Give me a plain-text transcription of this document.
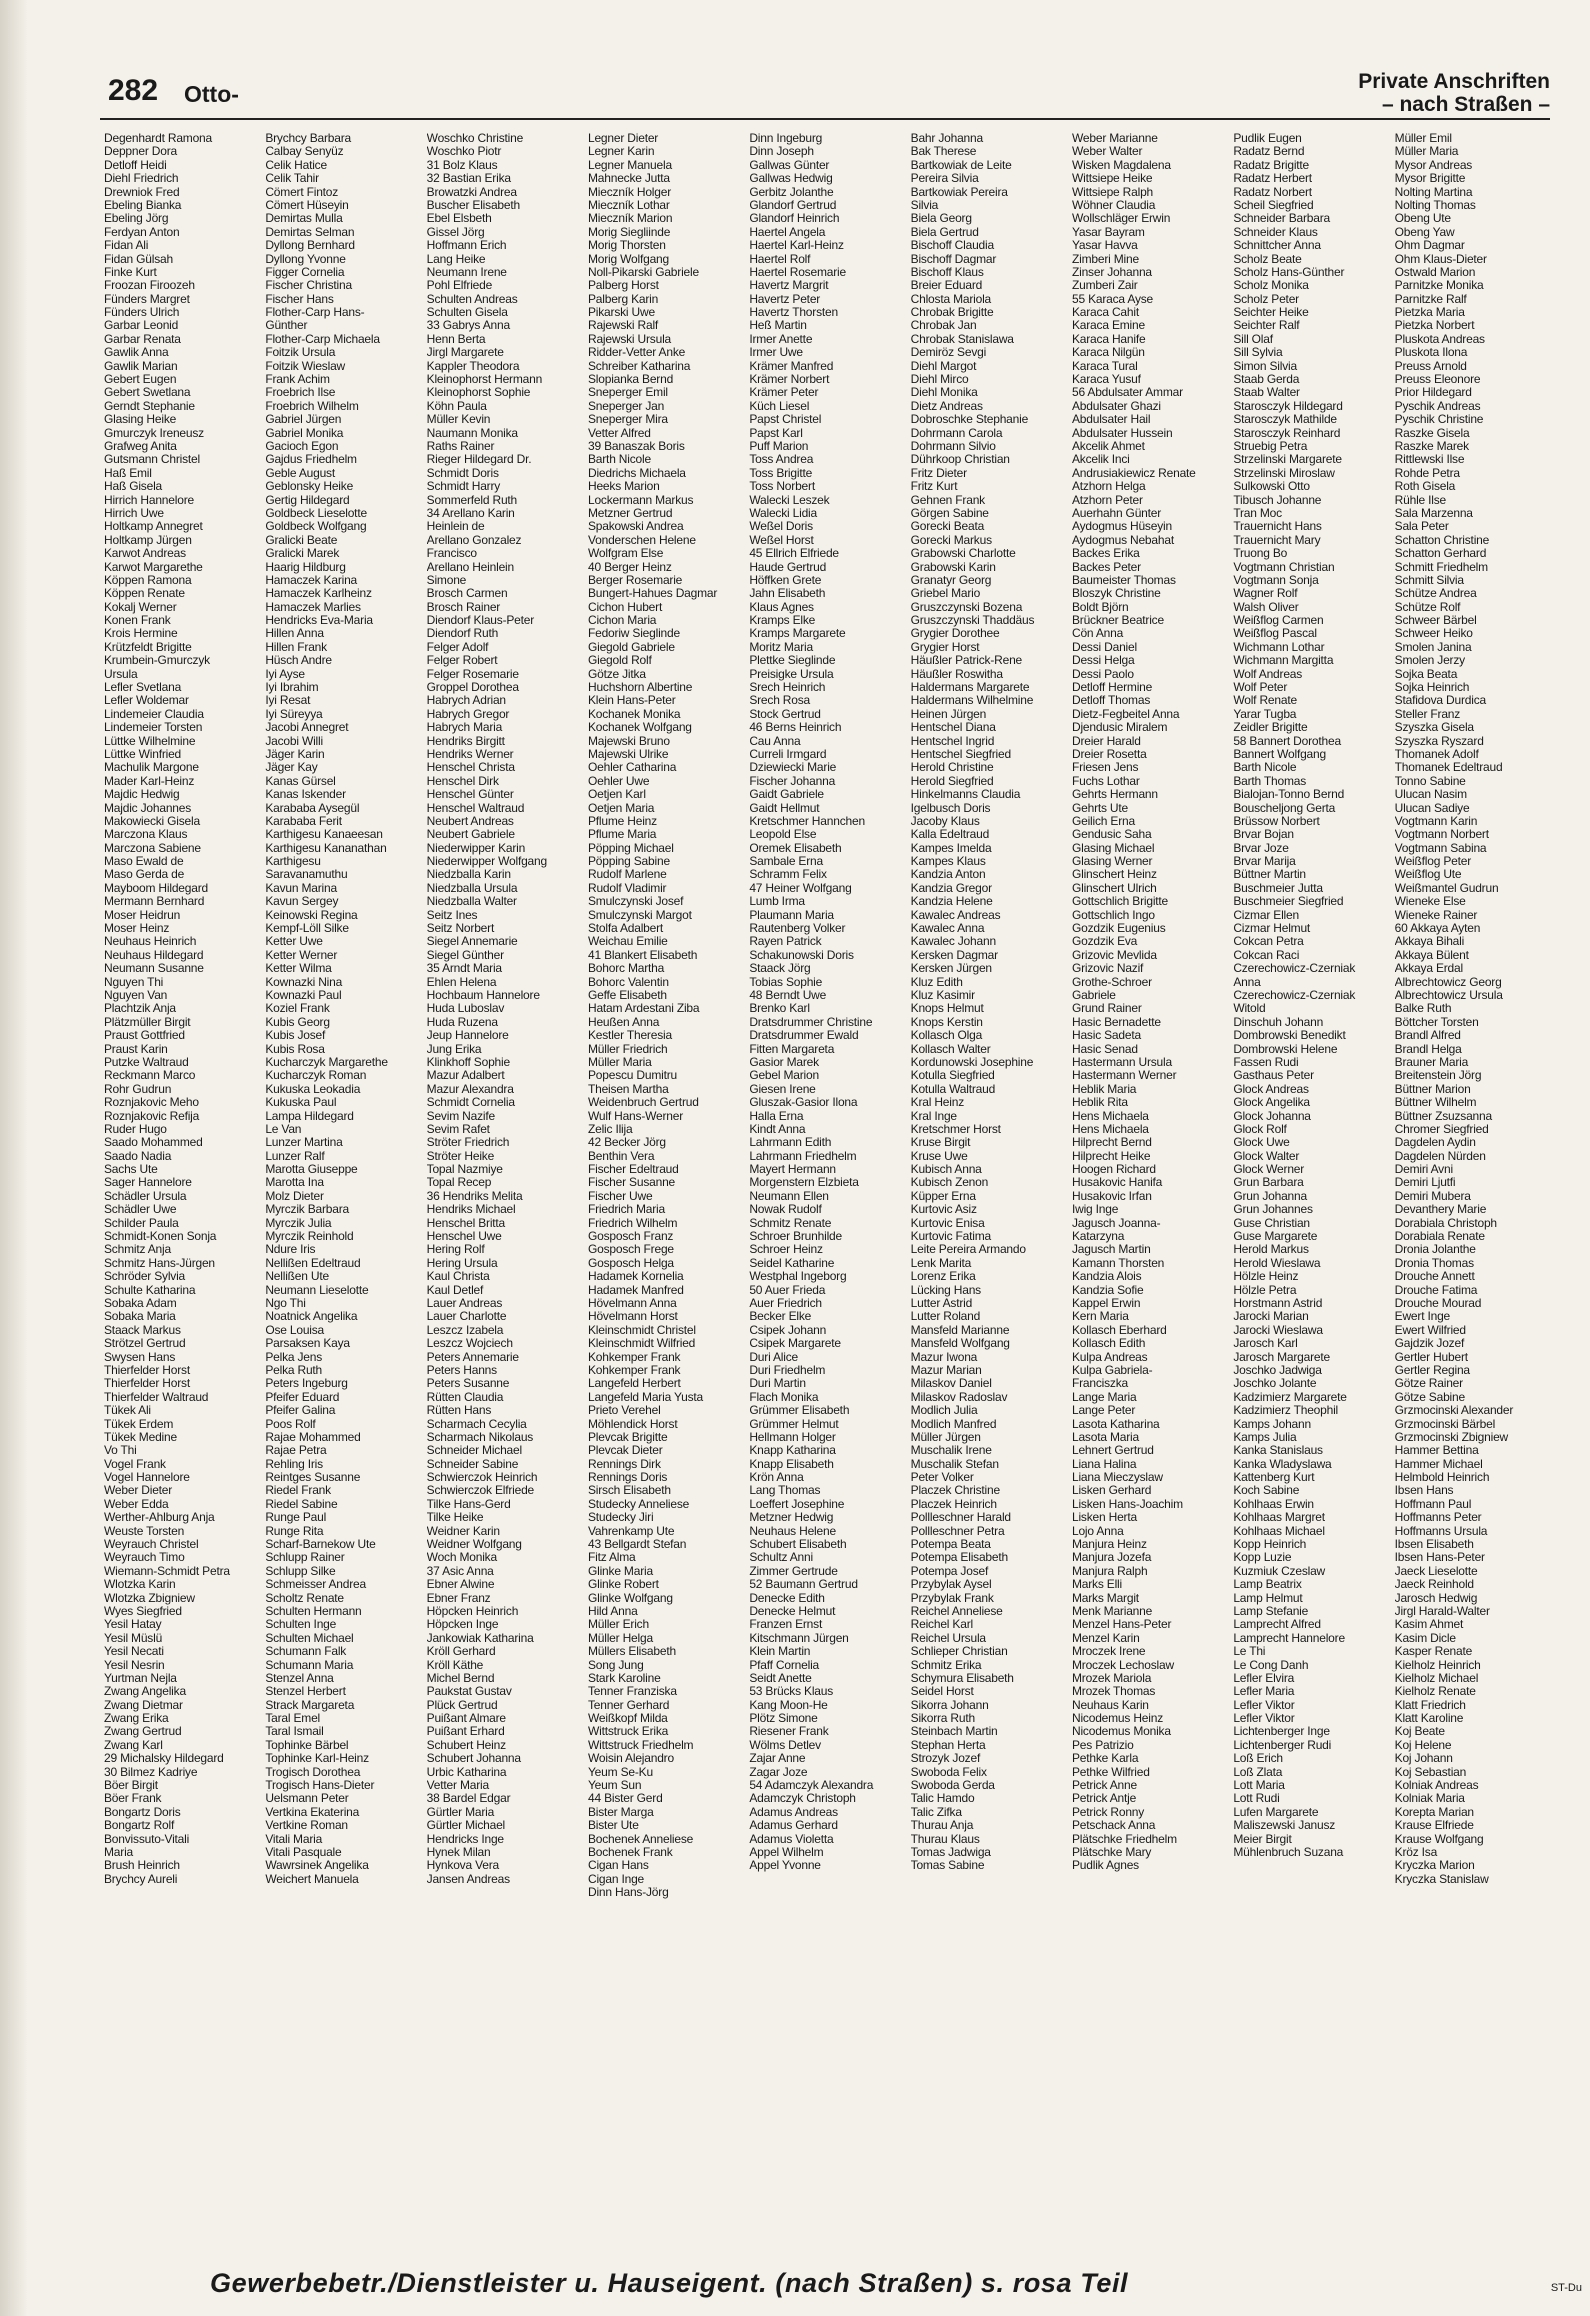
282 Otto-	Private Anschriften
– nach Straßen –
Degenhardt Ramona
Deppner Dora
Detloff Heidi
Diehl Friedrich
Drewniok Fred
Ebeling Bianka
Ebeling Jörg
Ferdyan Anton
Fidan Ali
Fidan Gülsah
Finke Kurt
Froozan Firoozeh
Fünders Margret
Fünders Ulrich
Garbar Leonid
Garbar Renata
Gawlik Anna
Gawlik Marian
Gebert Eugen
Gebert Swetlana
Gerndt Stephanie
Glasing Heike
Gmurczyk Ireneusz
Grafweg Anita
Gutsmann Christel
Haß Emil
Haß Gisela
Hirrich Hannelore
Hirrich Uwe
Holtkamp Annegret
Holtkamp Jürgen
Karwot Andreas
Karwot Margarethe
Köppen Ramona
Köppen Renate
Kokalj Werner
Konen Frank
Krois Hermine
Krützfeldt Brigitte
Krumbein-Gmurczyk
Ursula
Lefler Svetlana
Lefler Woldemar
Lindemeier Claudia
Lindemeier Torsten
Lüttke Wilhelmine
Lüttke Winfried
Machulik Margone
Mader Karl-Heinz
Majdic Hedwig
Majdic Johannes
Makowiecki Gisela
Marczona Klaus
Marczona Sabiene
Maso Ewald de
Maso Gerda de
Mayboom Hildegard
Mermann Bernhard
Moser Heidrun
Moser Heinz
Neuhaus Heinrich
Neuhaus Hildegard
Neumann Susanne
Nguyen Thi
Nguyen Van
Plachtzik Anja
Plätzmüller Birgit
Praust Gottfried
Praust Karin
Putzke Waltraud
Reckmann Marco
Rohr Gudrun
Roznjakovic Meho
Roznjakovic Refija
Ruder Hugo
Saado Mohammed
Saado Nadia
Sachs Ute
Sager Hannelore
Schädler Ursula
Schädler Uwe
Schilder Paula
Schmidt-Konen Sonja
Schmitz Anja
Schmitz Hans-Jürgen
Schröder Sylvia
Schulte Katharina
Sobaka Adam
Sobaka Maria
Staack Markus
Strötzel Gertrud
Swysen Hans
Thierfelder Horst
Thierfelder Horst
Thierfelder Waltraud
Tükek Ali
Tükek Erdem
Tükek Medine
Vo Thi
Vogel Frank
Vogel Hannelore
Weber Dieter
Weber Edda
Werther-Ahlburg Anja
Weuste Torsten
Weyrauch Christel
Weyrauch Timo
Wiemann-Schmidt Petra
Wlotzka Karin
Wlotzka Zbigniew
Wyes Siegfried
Yesil Hatay
Yesil Müslü
Yesil Necati
Yesil Nesrin
Yurtman Nejla
Zwang Angelika
Zwang Dietmar
Zwang Erika
Zwang Gertrud
Zwang Karl
29 Michalsky Hildegard
30 Bilmez Kadriye
Böer Birgit
Böer Frank
Bongartz Doris
Bongartz Rolf
Bonvissuto-Vitali
Maria
Brush Heinrich
Brychcy Aureli
Brychcy Barbara
Calbay Senyüz
Celik Hatice
Celik Tahir
Cömert Fintoz
Cömert Hüseyin
Demirtas Mulla
Demirtas Selman
Dyllong Bernhard
Dyllong Yvonne
Figger Cornelia
Fischer Christina
Fischer Hans
Flother-Carp Hans-
Günther
Flother-Carp Michaela
Foitzik Ursula
Foitzik Wieslaw
Frank Achim
Froebrich Ilse
Froebrich Wilhelm
Gabriel Jürgen
Gabriel Monika
Gacioch Egon
Gajdus Friedhelm
Geble August
Geblonsky Heike
Gertig Hildegard
Goldbeck Lieselotte
Goldbeck Wolfgang
Gralicki Beate
Gralicki Marek
Haarig Hildburg
Hamaczek Karina
Hamaczek Karlheinz
Hamaczek Marlies
Hendricks Eva-Maria
Hillen Anna
Hillen Frank
Hüsch Andre
Iyi Ayse
Iyi Ibrahim
Iyi Resat
Iyi Süreyya
Jacobi Annegret
Jacobi Willi
Jäger Karin
Jäger Kay
Kanas Gürsel
Kanas Iskender
Karababa Aysegül
Karababa Ferit
Karthigesu Kanaeesan
Karthigesu Kananathan
Karthigesu
Saravanamuthu
Kavun Marina
Kavun Sergey
Keinowski Regina
Kempf-Löll Silke
Ketter Uwe
Ketter Werner
Ketter Wilma
Kownazki Nina
Kownazki Paul
Koziel Frank
Kubis Georg
Kubis Josef
Kubis Rosa
Kucharczyk Margarethe
Kucharczyk Roman
Kukuska Leokadia
Kukuska Paul
Lampa Hildegard
Le Van
Lunzer Martina
Lunzer Ralf
Marotta Giuseppe
Marotta Ina
Molz Dieter
Myrczik Barbara
Myrczik Julia
Myrczik Reinhold
Ndure Iris
Nellißen Edeltraud
Nellißen Ute
Neumann Lieselotte
Ngo Thi
Noatnick Angelika
Ose Louisa
Parsaksen Kaya
Pelka Jens
Pelka Ruth
Peters Ingeburg
Pfeifer Eduard
Pfeifer Galina
Poos Rolf
Rajae Mohammed
Rajae Petra
Rehling Iris
Reintges Susanne
Riedel Frank
Riedel Sabine
Runge Paul
Runge Rita
Scharf-Barnekow Ute
Schlupp Rainer
Schlupp Silke
Schmeisser Andrea
Scholtz Renate
Schulten Hermann
Schulten Inge
Schulten Michael
Schumann Falk
Schumann Maria
Stenzel Anna
Stenzel Herbert
Strack Margareta
Taral Emel
Taral Ismail
Tophinke Bärbel
Tophinke Karl-Heinz
Trogisch Dorothea
Trogisch Hans-Dieter
Uelsmann Peter
Vertkina Ekaterina
Vertkine Roman
Vitali Maria
Vitali Pasquale
Wawrsinek Angelika
Weichert Manuela
Woschko Christine
Woschko Piotr
31 Bolz Klaus
32 Bastian Erika
Browatzki Andrea
Buscher Elisabeth
Ebel Elsbeth
Gissel Jörg
Hoffmann Erich
Lang Heike
Neumann Irene
Pohl Elfriede
Schulten Andreas
Schulten Gisela
33 Gabrys Anna
Henn Berta
Jirgl Margarete
Kappler Theodora
Kleinophorst Hermann
Kleinophorst Sophie
Köhn Paula
Müller Kevin
Naumann Monika
Raths Rainer
Rieger Hildegard Dr.
Schmidt Doris
Schmidt Harry
Sommerfeld Ruth
34 Arellano Karin
Heinlein de
Arellano Gonzalez
Francisco
Arellano Heinlein
Simone
Brosch Carmen
Brosch Rainer
Diendorf Klaus-Peter
Diendorf Ruth
Felger Adolf
Felger Robert
Felger Rosemarie
Groppel Dorothea
Habrych Adrian
Habrych Gregor
Habrych Maria
Hendriks Birgitt
Hendriks Werner
Henschel Christa
Henschel Dirk
Henschel Günter
Henschel Waltraud
Neubert Andreas
Neubert Gabriele
Niederwipper Karin
Niederwipper Wolfgang
Niedzballa Karin
Niedzballa Ursula
Niedzballa Walter
Seitz Ines
Seitz Norbert
Siegel Annemarie
Siegel Günther
35 Arndt Maria
Ehlen Helena
Hochbaum Hannelore
Huda Luboslav
Huda Ruzena
Jeup Hannelore
Jung Erika
Klinkhoff Sophie
Mazur Adalbert
Mazur Alexandra
Schmidt Cornelia
Sevim Nazife
Sevim Rafet
Ströter Friedrich
Ströter Heike
Topal Nazmiye
Topal Recep
36 Hendriks Melita
Hendriks Michael
Henschel Britta
Henschel Uwe
Hering Rolf
Hering Ursula
Kaul Christa
Kaul Detlef
Lauer Andreas
Lauer Charlotte
Leszcz Izabela
Leszcz Wojciech
Peters Annemarie
Peters Hanns
Peters Susanne
Rütten Claudia
Rütten Hans
Scharmach Cecylia
Scharmach Nikolaus
Schneider Michael
Schneider Sabine
Schwierczok Heinrich
Schwierczok Elfriede
Tilke Hans-Gerd
Tilke Heike
Weidner Karin
Weidner Wolfgang
Woch Monika
37 Asic Anna
Ebner Alwine
Ebner Franz
Höpcken Heinrich
Höpcken Inge
Jankowiak Katharina
Kröll Gerhard
Kröll Käthe
Michel Bernd
Paukstat Gustav
Plück Gertrud
Puißant Almare
Puißant Erhard
Schubert Heinz
Schubert Johanna
Urbic Katharina
Vetter Maria
38 Bardel Edgar
Gürtler Maria
Gürtler Michael
Hendricks Inge
Hynek Milan
Hynkova Vera
Jansen Andreas
Legner Dieter
Legner Karin
Legner Manuela
Mahnecke Jutta
Mieczník Holger
Mieczník Lothar
Mieczník Marion
Morig Siegliinde
Morig Thorsten
Morig Wolfgang
Noll-Pikarski Gabriele
Palberg Horst
Palberg Karin
Pikarski Uwe
Rajewski Ralf
Rajewski Ursula
Ridder-Vetter Anke
Schreiber Katharina
Slopianka Bernd
Sneperger Emil
Sneperger Jan
Sneperger Mira
Vetter Alfred
39 Banaszak Boris
Barth Nicole
Diedrichs Michaela
Heeks Marion
Lockermann Markus
Metzner Gertrud
Spakowski Andrea
Vonderschen Helene
Wolfgram Else
40 Berger Heinz
Berger Rosemarie
Bungert-Hahues Dagmar
Cichon Hubert
Cichon Maria
Fedoriw Sieglinde
Giegold Gabriele
Giegold Rolf
Götze Jitka
Huchshorn Albertine
Klein Hans-Peter
Kochanek Monika
Kochanek Wolfgang
Majewski Bruno
Majewski Ulrike
Oehler Catharina
Oehler Uwe
Oetjen Karl
Oetjen Maria
Pflume Heinz
Pflume Maria
Pöpping Michael
Pöpping Sabine
Rudolf Marlene
Rudolf Vladimir
Smulczynski Josef
Smulczynski Margot
Stolfa Adalbert
Weichau Emilie
41 Blankert Elisabeth
Bohorc Martha
Bohorc Valentin
Geffe Elisabeth
Hatam Ardestani Ziba
Heußen Anna
Kestler Theresia
Müller Friedrich
Müller Maria
Popescu Dumitru
Theisen Martha
Weidenbruch Gertrud
Wulf Hans-Werner
Zelic Ilija
42 Becker Jörg
Benthin Vera
Fischer Edeltraud
Fischer Susanne
Fischer Uwe
Friedrich Maria
Friedrich Wilhelm
Gosposch Franz
Gosposch Frege
Gosposch Helga
Hadamek Kornelia
Hadamek Manfred
Hövelmann Anna
Hövelmann Horst
Kleinschmidt Christel
Kleinschmidt Wilfried
Kohkemper Frank
Kohkemper Frank
Langefeld Herbert
Langefeld Maria Yusta
Prieto Verehel
Möhlendick Horst
Plevcak Brigitte
Plevcak Dieter
Rennings Dirk
Rennings Doris
Sirsch Elisabeth
Studecky Anneliese
Studecky Jiri
Vahrenkamp Ute
43 Bellgardt Stefan
Fitz Alma
Glinke Maria
Glinke Robert
Glinke Wolfgang
Hild Anna
Müller Erich
Müller Helga
Müllers Elisabeth
Song Jung
Stark Karoline
Tenner Franziska
Tenner Gerhard
Weißkopf Milda
Wittstruck Erika
Wittstruck Friedhelm
Woisin Alejandro
Yeum Se-Ku
Yeum Sun
44 Bister Gerd
Bister Marga
Bister Ute
Bochenek Anneliese
Bochenek Frank
Cigan Hans
Cigan Inge
Dinn Hans-Jörg
Dinn Ingeburg
Dinn Joseph
Gallwas Günter
Gallwas Hedwig
Gerbitz Jolanthe
Glandorf Gertrud
Glandorf Heinrich
Haertel Angela
Haertel Karl-Heinz
Haertel Rolf
Haertel Rosemarie
Havertz Margrit
Havertz Peter
Havertz Thorsten
Heß Martin
Irmer Anette
Irmer Uwe
Krämer Manfred
Krämer Norbert
Krämer Peter
Küch Liesel
Papst Christel
Papst Karl
Puff Marion
Toss Andrea
Toss Brigitte
Toss Norbert
Walecki Leszek
Walecki Lidia
Weßel Doris
Weßel Horst
45 Ellrich Elfriede
Haude Gertrud
Höffken Grete
Jahn Elisabeth
Klaus Agnes
Kramps Elke
Kramps Margarete
Moritz Maria
Plettke Sieglinde
Preisigke Ursula
Srech Heinrich
Srech Rosa
Stock Gertrud
46 Berns Heinrich
Cau Anna
Curreli Irmgard
Dziewiecki Marie
Fischer Johanna
Gaidt Gabriele
Gaidt Hellmut
Kretschmer Hannchen
Leopold Else
Oremek Elisabeth
Sambale Erna
Schramm Felix
47 Heiner Wolfgang
Lumb Irma
Plaumann Maria
Rautenberg Volker
Rayen Patrick
Schakunowski Doris
Staack Jörg
Tobias Sophie
48 Berndt Uwe
Brenko Karl
Dratsdrummer Christine
Dratsdrummer Ewald
Fitten Margareta
Gasior Marek
Gebel Marion
Giesen Irene
Gluszak-Gasior Ilona
Halla Erna
Kindt Anna
Lahrmann Edith
Lahrmann Friedhelm
Mayert Hermann
Morgenstern Elzbieta
Neumann Ellen
Nowak Rudolf
Schmitz Renate
Schroer Brunhilde
Schroer Heinz
Seidel Katharine
Westphal Ingeborg
50 Auer Frieda
Auer Friedrich
Becker Elke
Csipek Johann
Csipek Margarete
Duri Alice
Duri Friedhelm
Duri Martin
Flach Monika
Grümmer Elisabeth
Grümmer Helmut
Hellmann Holger
Knapp Katharina
Knapp Elisabeth
Krön Anna
Lang Thomas
Loeffert Josephine
Metzner Hedwig
Neuhaus Helene
Schubert Elisabeth
Schultz Anni
Zimmer Gertrude
52 Baumann Gertrud
Denecke Edith
Denecke Helmut
Franzen Ernst
Kitschmann Jürgen
Klein Martin
Pfaff Cornelia
Seidt Anette
53 Brücks Klaus
Kang Moon-He
Plötz Simone
Riesener Frank
Wölms Detlev
Zajar Anne
Zagar Joze
54 Adamczyk Alexandra
Adamczyk Christoph
Adamus Andreas
Adamus Gerhard
Adamus Violetta
Appel Wilhelm
Appel Yvonne
Bahr Johanna
Bak Therese
Bartkowiak de Leite
Pereira Silvia
Bartkowiak Pereira
Silvia
Biela Georg
Biela Gertrud
Bischoff Claudia
Bischoff Dagmar
Bischoff Klaus
Breier Eduard
Chlosta Mariola
Chrobak Brigitte
Chrobak Jan
Chrobak Stanislawa
Demiröz Sevgi
Diehl Margot
Diehl Mirco
Diehl Monika
Dietz Andreas
Dobroschke Stephanie
Dohrmann Carola
Dohrmann Silvio
Dührkoop Christian
Fritz Dieter
Fritz Kurt
Gehnen Frank
Görgen Sabine
Gorecki Beata
Gorecki Markus
Grabowski Charlotte
Grabowski Karin
Granatyr Georg
Griebel Mario
Gruszczynski Bozena
Gruszczynski Thaddäus
Grygier Dorothee
Grygier Horst
Häußler Patrick-Rene
Häußler Roswitha
Haldermans Margarete
Haldermans Wilhelmine
Heinen Jürgen
Hentschel Diana
Hentschel Ingrid
Hentschel Siegfried
Herold Christine
Herold Siegfried
Hinkelmanns Claudia
Igelbusch Doris
Jacoby Klaus
Kalla Edeltraud
Kampes Imelda
Kampes Klaus
Kandzia Anton
Kandzia Gregor
Kandzia Helene
Kawalec Andreas
Kawalec Anna
Kawalec Johann
Kersken Dagmar
Kersken Jürgen
Kluz Edith
Kluz Kasimir
Knops Helmut
Knops Kerstin
Kollasch Olga
Kollasch Walter
Kordunowski Josephine
Kotulla Siegfried
Kotulla Waltraud
Kral Heinz
Kral Inge
Kretschmer Horst
Kruse Birgit
Kruse Uwe
Kubisch Anna
Kubisch Zenon
Küpper Erna
Kurtovic Asiz
Kurtovic Enisa
Kurtovic Fatima
Leite Pereira Armando
Lenk Marita
Lorenz Erika
Lücking Hans
Lutter Astrid
Lutter Roland
Mansfeld Marianne
Mansfeld Wolfgang
Mazur Iwona
Mazur Marian
Milaskov Daniel
Milaskov Radoslav
Modlich Julia
Modlich Manfred
Müller Jürgen
Muschalik Irene
Muschalik Stefan
Peter Volker
Placzek Christine
Placzek Heinrich
Pollleschner Harald
Pollleschner Petra
Potempa Beata
Potempa Elisabeth
Potempa Josef
Przybylak Aysel
Przybylak Frank
Reichel Anneliese
Reichel Karl
Reichel Ursula
Schlieper Christian
Schmitz Erika
Schymura Elisabeth
Seidel Horst
Sikorra Johann
Sikorra Ruth
Steinbach Martin
Stephan Herta
Strozyk Jozef
Swoboda Felix
Swoboda Gerda
Talic Hamdo
Talic Zifka
Thurau Anja
Thurau Klaus
Tomas Jadwiga
Tomas Sabine
Weber Marianne
Weber Walter
Wisken Magdalena
Wittsiepe Heike
Wittsiepe Ralph
Wöhner Claudia
Wollschläger Erwin
Yasar Bayram
Yasar Havva
Zimberi Mine
Zinser Johanna
Zumberi Zair
55 Karaca Ayse
Karaca Cahit
Karaca Emine
Karaca Hanife
Karaca Nilgün
Karaca Tural
Karaca Yusuf
56 Abdulsater Ammar
Abdulsater Ghazi
Abdulsater Hail
Abdulsater Hussein
Akcelik Ahmet
Akcelik Inci
Andrusiakiewicz Renate
Atzhorn Helga
Atzhorn Peter
Auerhahn Günter
Aydogmus Hüseyin
Aydogmus Nebahat
Backes Erika
Backes Peter
Baumeister Thomas
Bloszyk Christine
Boldt Björn
Brückner Beatrice
Cön Anna
Dessi Daniel
Dessi Helga
Dessi Paolo
Detloff Hermine
Detloff Thomas
Dietz-Fegbeitel Anna
Djendusic Miralem
Dreier Harald
Dreier Rosetta
Friesen Jens
Fuchs Lothar
Gehrts Hermann
Gehrts Ute
Geilich Erna
Gendusic Saha
Glasing Michael
Glasing Werner
Glinschert Heinz
Glinschert Ulrich
Gottschlich Brigitte
Gottschlich Ingo
Gozdzik Eugenius
Gozdzik Eva
Grizovic Mevlida
Grizovic Nazif
Grothe-Schroer
Gabriele
Grund Rainer
Hasic Bernadette
Hasic Sadeta
Hasic Senad
Hastermann Ursula
Hastermann Werner
Heblik Maria
Heblik Rita
Hens Michaela
Hens Michaela
Hilprecht Bernd
Hilprecht Heike
Hoogen Richard
Husakovic Hanifa
Husakovic Irfan
Iwig Inge
Jagusch Joanna-
Katarzyna
Jagusch Martin
Kamann Thorsten
Kandzia Alois
Kandzia Sofie
Kappel Erwin
Kern Maria
Kollasch Eberhard
Kollasch Edith
Kulpa Andreas
Kulpa Gabriela-
Franciszka
Lange Maria
Lange Peter
Lasota Katharina
Lasota Maria
Lehnert Gertrud
Liana Halina
Liana Mieczyslaw
Lisken Gerhard
Lisken Hans-Joachim
Lisken Herta
Lojo Anna
Manjura Heinz
Manjura Jozefa
Manjura Ralph
Marks Elli
Marks Margit
Menk Marianne
Menzel Hans-Peter
Menzel Karin
Mroczek Irene
Mroczek Lechoslaw
Mrozek Mariola
Mrozek Thomas
Neuhaus Karin
Nicodemus Heinz
Nicodemus Monika
Pes Patrizio
Pethke Karla
Pethke Wilfried
Petrick Anne
Petrick Antje
Petrick Ronny
Petschack Anna
Plätschke Friedhelm
Plätschke Mary
Pudlik Agnes
Pudlik Eugen
Radatz Bernd
Radatz Brigitte
Radatz Herbert
Radatz Norbert
Scheil Siegfried
Schneider Barbara
Schneider Klaus
Schnittcher Anna
Scholz Beate
Scholz Hans-Günther
Scholz Monika
Scholz Peter
Seichter Heike
Seichter Ralf
Sill Olaf
Sill Sylvia
Simon Silvia
Staab Gerda
Staab Walter
Starosczyk Hildegard
Starosczyk Mathilde
Starosczyk Reinhard
Struebig Petra
Strzelinski Margarete
Strzelinski Miroslaw
Sulkowski Otto
Tibusch Johanne
Tran Moc
Trauernicht Hans
Trauernicht Mary
Truong Bo
Vogtmann Christian
Vogtmann Sonja
Wagner Rolf
Walsh Oliver
Weißflog Carmen
Weißflog Pascal
Wichmann Lothar
Wichmann Margitta
Wolf Andreas
Wolf Peter
Wolf Renate
Yarar Tugba
Zeidler Brigitte
58 Bannert Dorothea
Bannert Wolfgang
Barth Nicole
Barth Thomas
Bialojan-Tonno Bernd
Bouscheljong Gerta
Brüssow Norbert
Brvar Bojan
Brvar Joze
Brvar Marija
Büttner Martin
Buschmeier Jutta
Buschmeier Siegfried
Cizmar Ellen
Cizmar Helmut
Cokcan Petra
Cokcan Raci
Czerechowicz-Czerniak
Anna
Czerechowicz-Czerniak
Witold
Dinschuh Johann
Dombrowski Benedikt
Dombrowski Helene
Fassen Rudi
Gasthaus Peter
Glock Andreas
Glock Angelika
Glock Johanna
Glock Rolf
Glock Uwe
Glock Walter
Glock Werner
Grun Barbara
Grun Johanna
Grun Johannes
Guse Christian
Guse Margarete
Herold Markus
Herold Wieslawa
Hölzle Heinz
Hölzle Petra
Horstmann Astrid
Jarocki Marian
Jarocki Wieslawa
Jarosch Karl
Jarosch Margarete
Joschko Jadwiga
Joschko Jolante
Kadzimierz Margarete
Kadzimierz Theophil
Kamps Johann
Kamps Julia
Kanka Stanislaus
Kanka Wladyslawa
Kattenberg Kurt
Koch Sabine
Kohlhaas Erwin
Kohlhaas Margret
Kohlhaas Michael
Kopp Heinrich
Kopp Luzie
Kuzmiuk Czeslaw
Lamp Beatrix
Lamp Helmut
Lamp Stefanie
Lamprecht Alfred
Lamprecht Hannelore
Le Thi
Le Cong Danh
Lefler Elvira
Lefler Maria
Lefler Viktor
Lefler Viktor
Lichtenberger Inge
Lichtenberger Rudi
Loß Erich
Loß Zlata
Lott Maria
Lott Rudi
Lufen Margarete
Maliszewski Janusz
Meier Birgit
Mühlenbruch Suzana
Müller Emil
Müller Maria
Mysor Andreas
Mysor Brigitte
Nolting Martina
Nolting Thomas
Obeng Ute
Obeng Yaw
Ohm Dagmar
Ohm Klaus-Dieter
Ostwald Marion
Parnitzke Monika
Parnitzke Ralf
Pietzka Maria
Pietzka Norbert
Pluskota Andreas
Pluskota Ilona
Preuss Arnold
Preuss Eleonore
Prior Hildegard
Pyschik Andreas
Pyschik Christine
Raszke Gisela
Raszke Marek
Rittlewski Ilse
Rohde Petra
Roth Gisela
Rühle Ilse
Sala Marzenna
Sala Peter
Schatton Christine
Schatton Gerhard
Schmitt Friedhelm
Schmitt Silvia
Schütze Andrea
Schütze Rolf
Schweer Bärbel
Schweer Heiko
Smolen Janina
Smolen Jerzy
Sojka Beata
Sojka Heinrich
Stafidova Durdica
Steller Franz
Szyszka Gisela
Szyszka Ryszard
Thomanek Adolf
Thomanek Edeltraud
Tonno Sabine
Ulucan Nasim
Ulucan Sadiye
Vogtmann Karin
Vogtmann Norbert
Vogtmann Sabina
Weißflog Peter
Weißflog Ute
Weißmantel Gudrun
Wieneke Else
Wieneke Rainer
60 Akkaya Ayten
Akkaya Bihali
Akkaya Bülent
Akkaya Erdal
Albrechtowicz Georg
Albrechtowicz Ursula
Balke Ruth
Böttcher Torsten
Brandl Alfred
Brandl Helga
Brauner Maria
Breitenstein Jörg
Büttner Marion
Büttner Wilhelm
Büttner Zsuzsanna
Chromer Siegfried
Dagdelen Aydin
Dagdelen Nürden
Demiri Avni
Demiri Ljutfi
Demiri Mubera
Devanthery Marie
Dorabiala Christoph
Dorabiala Renate
Dronia Jolanthe
Dronia Thomas
Drouche Annett
Drouche Fatima
Drouche Mourad
Ewert Inge
Ewert Wilfried
Gajdzik Jozef
Gertler Hubert
Gertler Regina
Götze Rainer
Götze Sabine
Grzmocinski Alexander
Grzmocinski Bärbel
Grzmocinski Zbigniew
Hammer Bettina
Hammer Michael
Helmbold Heinrich
Ibsen Hans
Hoffmann Paul
Hoffmanns Peter
Hoffmanns Ursula
Ibsen Elisabeth
Ibsen Hans-Peter
Jaeck Lieselotte
Jaeck Reinhold
Jarosch Hedwig
Jirgl Harald-Walter
Kasim Ahmet
Kasim Dicle
Kasper Renate
Kielholz Heinrich
Kielholz Michael
Kielholz Renate
Klatt Friedrich
Klatt Karoline
Koj Beate
Koj Helene
Koj Johann
Koj Sebastian
Kolniak Andreas
Kolniak Maria
Korepta Marian
Krause Elfriede
Krause Wolfgang
Kröz Isa
Kryczka Marion
Kryczka Stanislaw
Gewerbebetr./Dienstleister u. Hauseigent. (nach Straßen) s. rosa Teil	ST-Du
